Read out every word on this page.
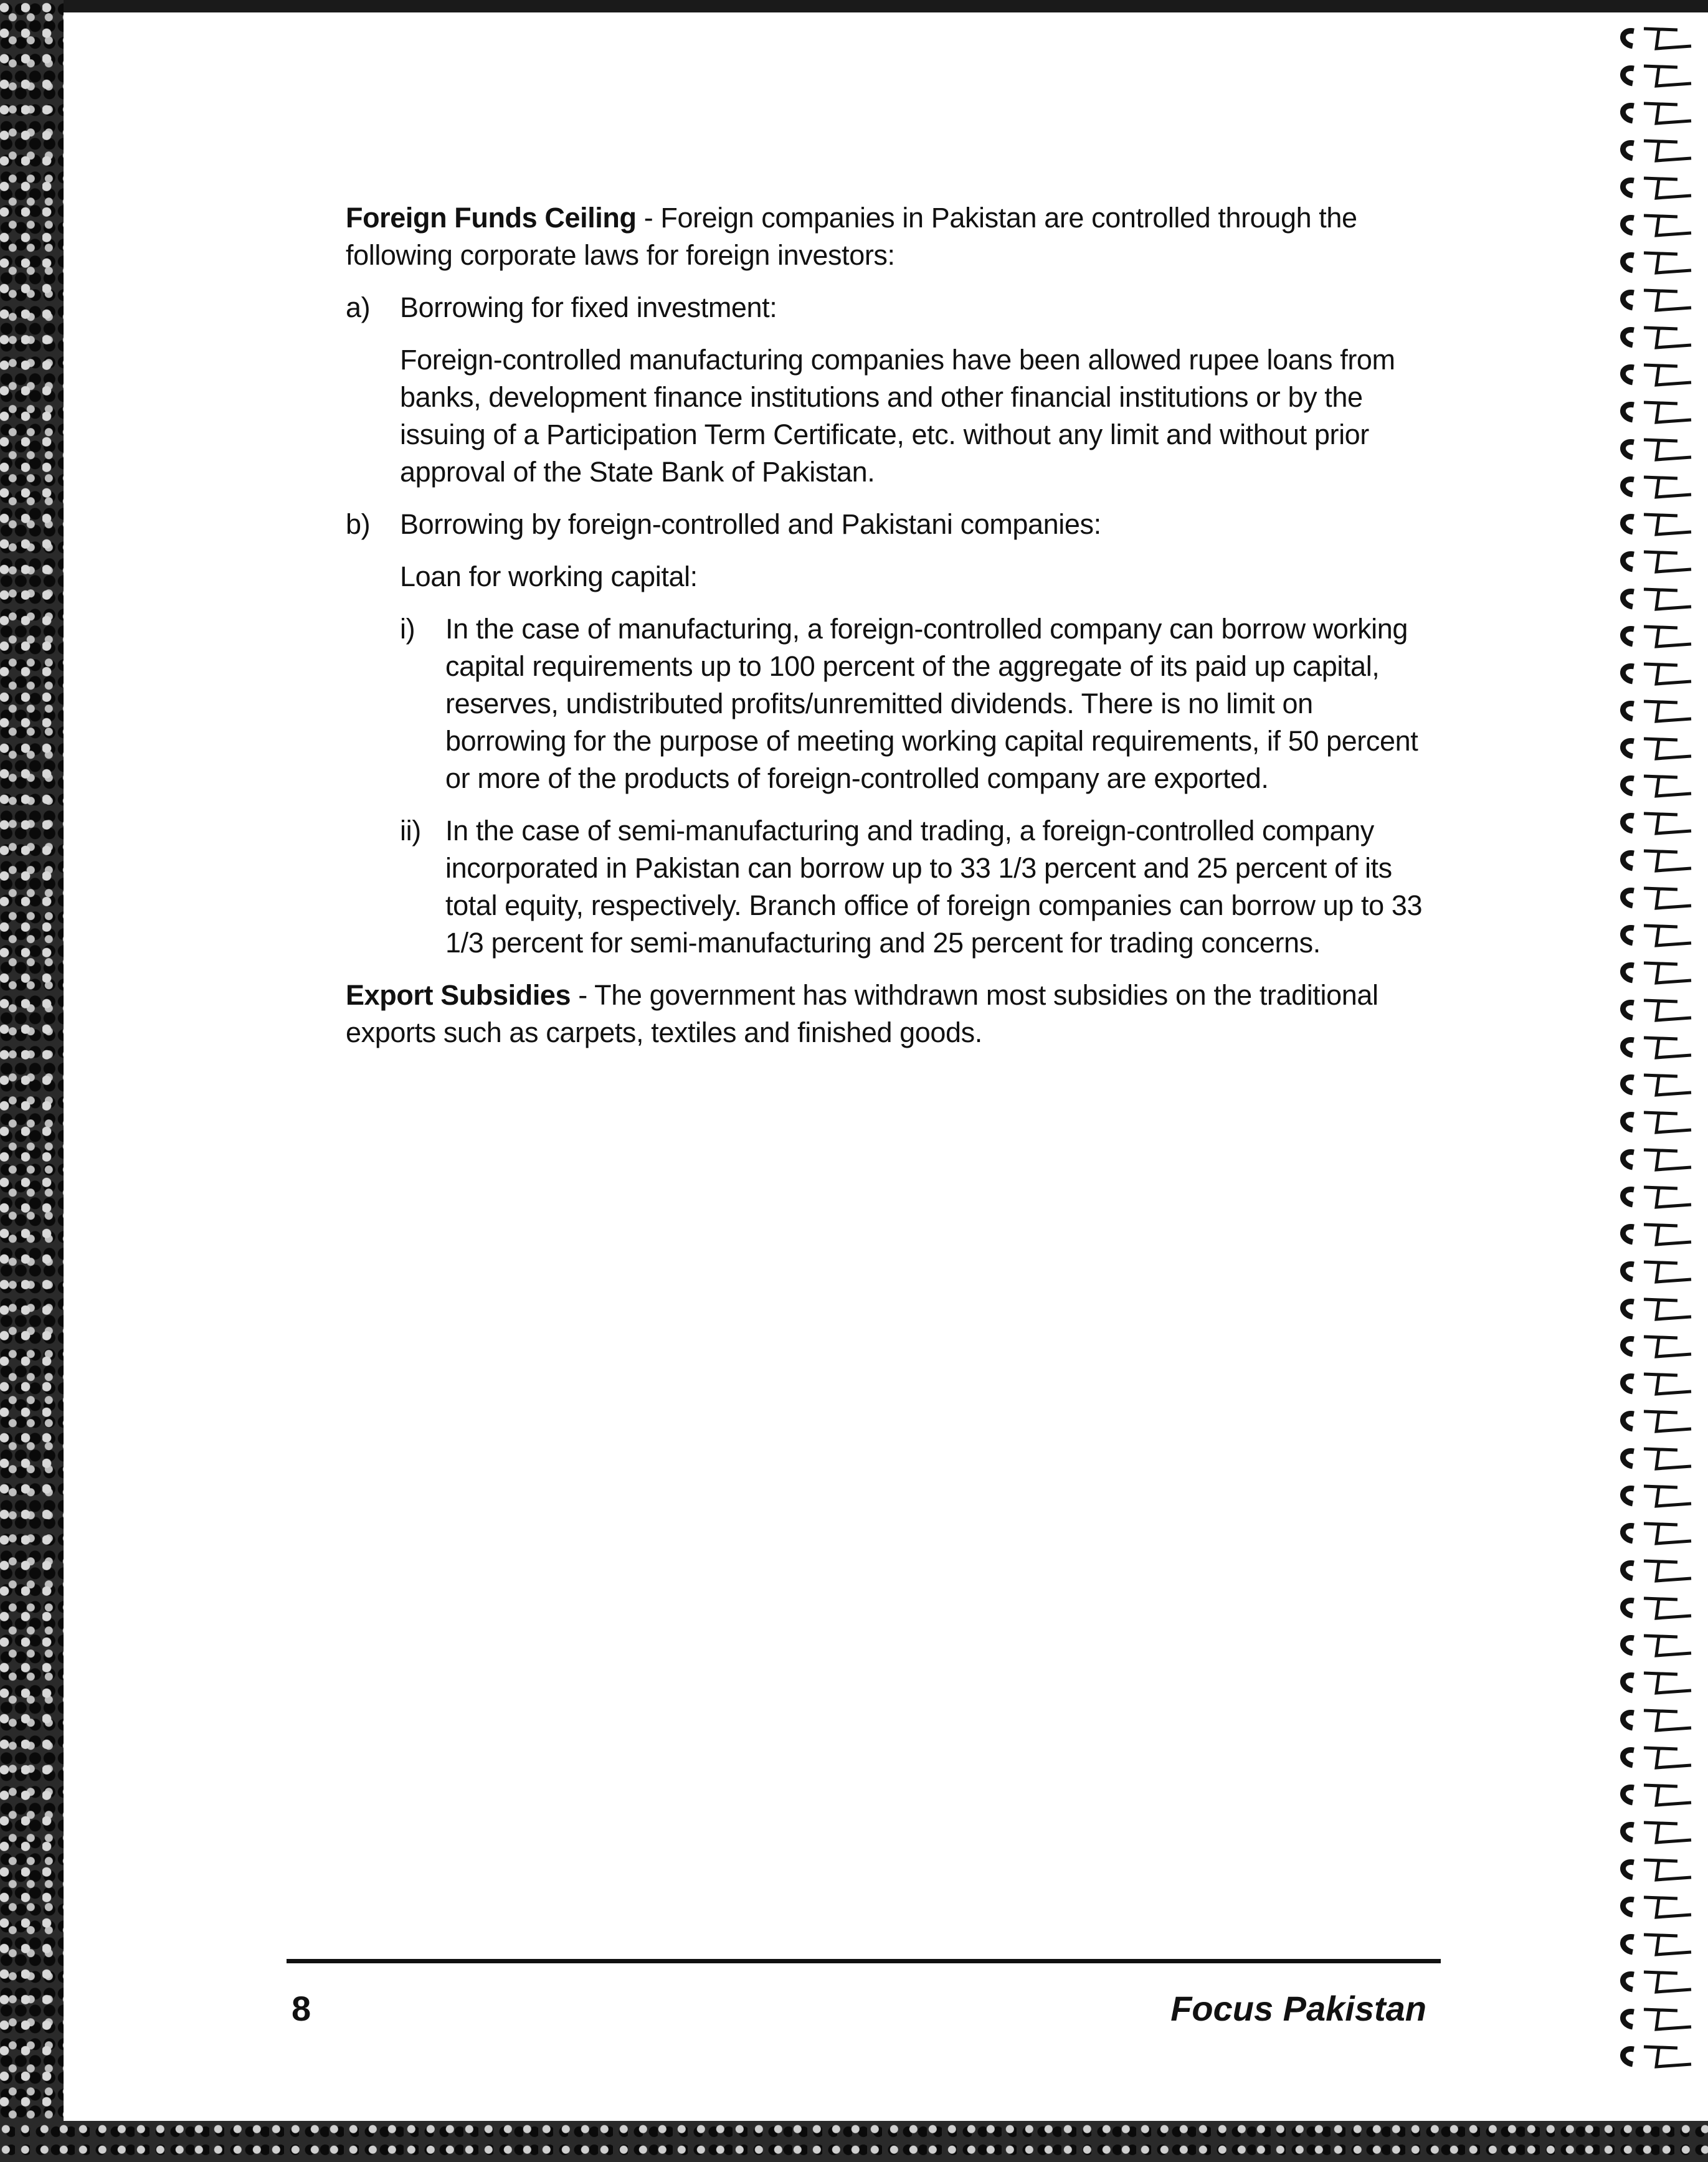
Foreign Funds Ceiling - Foreign companies in Pakistan are controlled through the following corporate laws for foreign investors:

a) Borrowing for fixed investment:

Foreign-controlled manufacturing companies have been allowed rupee loans from banks, development finance institutions and other financial institutions or by the issuing of a Participation Term Certificate, etc. without any limit and without prior approval of the State Bank of Pakistan.

b) Borrowing by foreign-controlled and Pakistani companies:

Loan for working capital:

i) In the case of manufacturing, a foreign-controlled company can borrow working capital requirements up to 100 percent of the aggregate of its paid up capital, reserves, undistributed profits/unremitted dividends. There is no limit on borrowing for the purpose of meeting working capital requirements, if 50 percent or more of the products of foreign-controlled company are exported.
ii) In the case of semi-manufacturing and trading, a foreign-controlled company incorporated in Pakistan can borrow up to 33 1/3 percent and 25 percent of its total equity, respectively. Branch office of foreign companies can borrow up to 33 1/3 percent for semi-manufacturing and 25 percent for trading concerns.

Export Subsidies - The government has withdrawn most subsidies on the traditional exports such as carpets, textiles and finished goods.

8	Focus Pakistan
